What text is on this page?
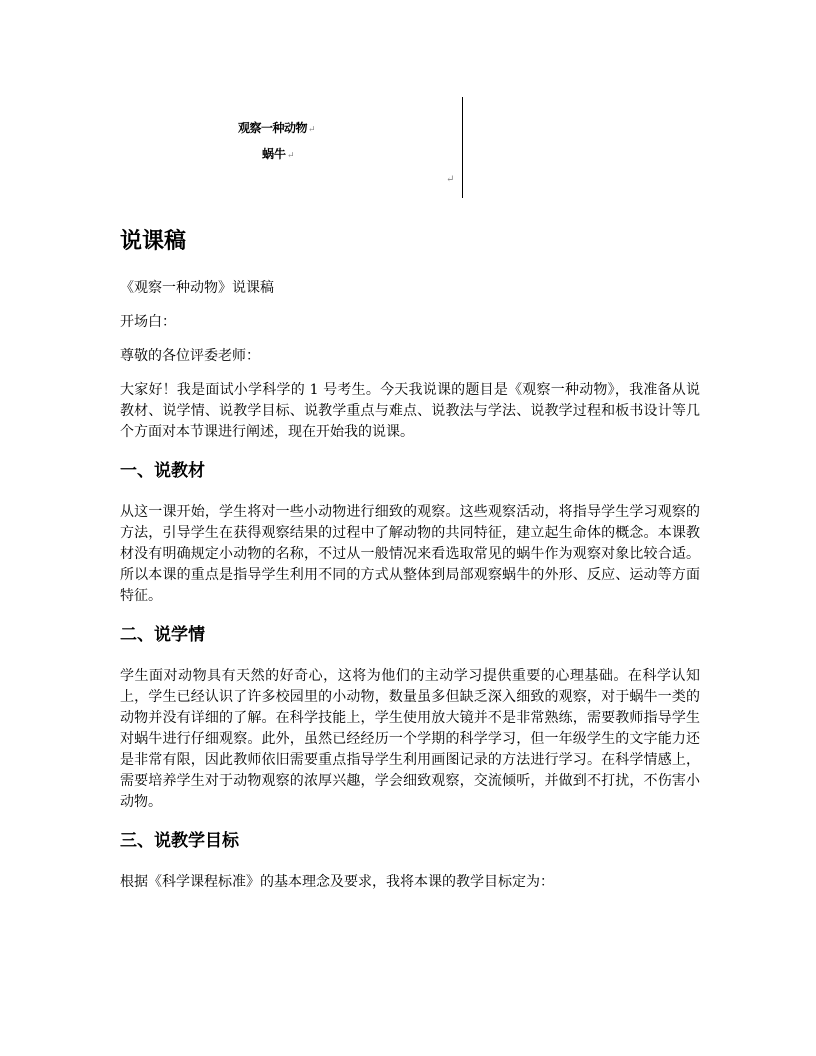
观察一种动物↵
蜗牛↵
↵
说课稿

《观察一种动物》说课稿

开场白：

尊敬的各位评委老师：

大家好！我是面试小学科学的 1 号考生。今天我说课的题目是《观察一种动物》，我准备从说教材、说学情、说教学目标、说教学重点与难点、说教法与学法、说教学过程和板书设计等几个方面对本节课进行阐述，现在开始我的说课。

一、说教材

从这一课开始，学生将对一些小动物进行细致的观察。这些观察活动，将指导学生学习观察的方法，引导学生在获得观察结果的过程中了解动物的共同特征，建立起生命体的概念。本课教材没有明确规定小动物的名称，不过从一般情况来看选取常见的蜗牛作为观察对象比较合适。所以本课的重点是指导学生利用不同的方式从整体到局部观察蜗牛的外形、反应、运动等方面特征。

二、说学情

学生面对动物具有天然的好奇心，这将为他们的主动学习提供重要的心理基础。在科学认知上，学生已经认识了许多校园里的小动物，数量虽多但缺乏深入细致的观察，对于蜗牛一类的动物并没有详细的了解。在科学技能上，学生使用放大镜并不是非常熟练，需要教师指导学生对蜗牛进行仔细观察。此外，虽然已经经历一个学期的科学学习，但一年级学生的文字能力还是非常有限，因此教师依旧需要重点指导学生利用画图记录的方法进行学习。在科学情感上，需要培养学生对于动物观察的浓厚兴趣，学会细致观察，交流倾听，并做到不打扰，不伤害小动物。

三、说教学目标

根据《科学课程标准》的基本理念及要求，我将本课的教学目标定为：
